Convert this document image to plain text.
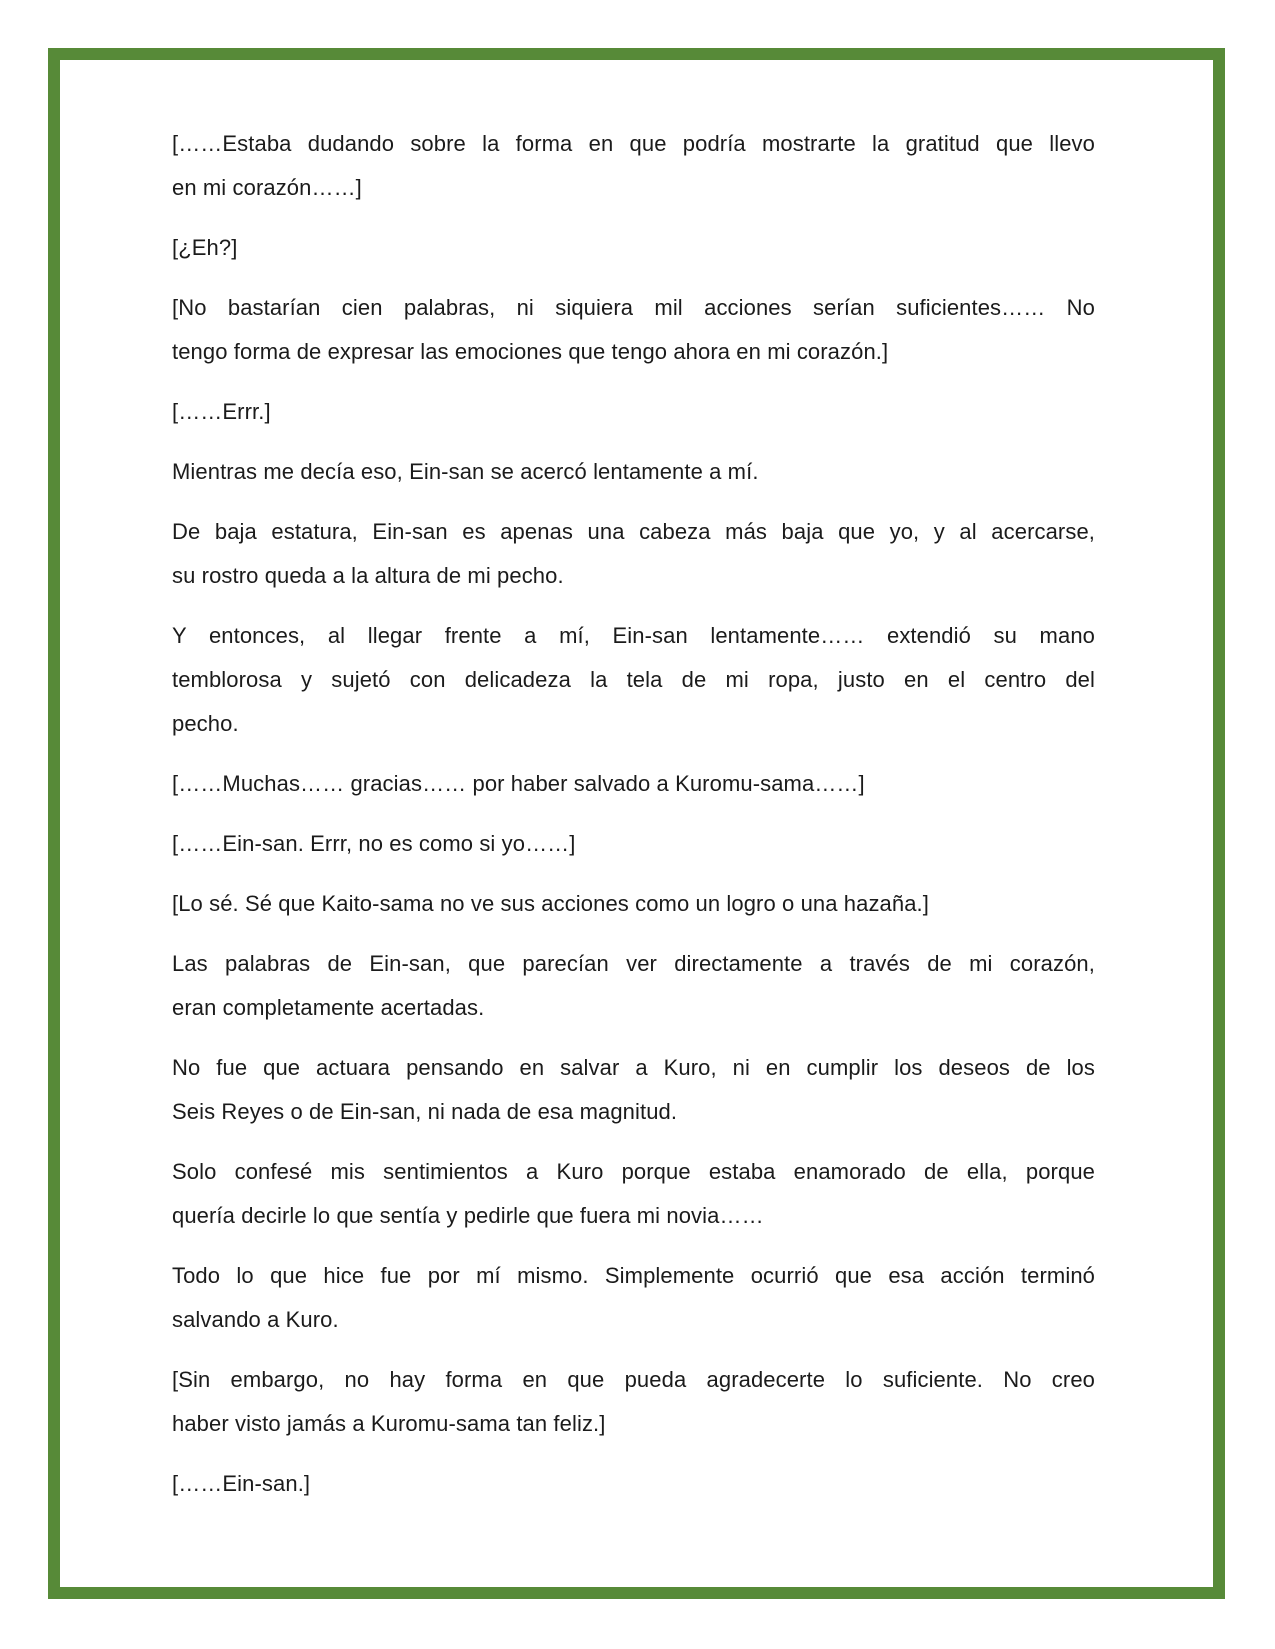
[……Estaba dudando sobre la forma en que podría mostrarte la gratitud que llevo
en mi corazón……]
[¿Eh?]
[No bastarían cien palabras, ni siquiera mil acciones serían suficientes…… No
tengo forma de expresar las emociones que tengo ahora en mi corazón.]
[……Errr.]
Mientras me decía eso, Ein-san se acercó lentamente a mí.
De baja estatura, Ein-san es apenas una cabeza más baja que yo, y al acercarse,
su rostro queda a la altura de mi pecho.
Y entonces, al llegar frente a mí, Ein-san lentamente…… extendió su mano
temblorosa y sujetó con delicadeza la tela de mi ropa, justo en el centro del
pecho.
[……Muchas…… gracias…… por haber salvado a Kuromu-sama……]
[……Ein-san. Errr, no es como si yo……]
[Lo sé. Sé que Kaito-sama no ve sus acciones como un logro o una hazaña.]
Las palabras de Ein-san, que parecían ver directamente a través de mi corazón,
eran completamente acertadas.
No fue que actuara pensando en salvar a Kuro, ni en cumplir los deseos de los
Seis Reyes o de Ein-san, ni nada de esa magnitud.
Solo confesé mis sentimientos a Kuro porque estaba enamorado de ella, porque
quería decirle lo que sentía y pedirle que fuera mi novia……
Todo lo que hice fue por mí mismo. Simplemente ocurrió que esa acción terminó
salvando a Kuro.
[Sin embargo, no hay forma en que pueda agradecerte lo suficiente. No creo
haber visto jamás a Kuromu-sama tan feliz.]
[……Ein-san.]
